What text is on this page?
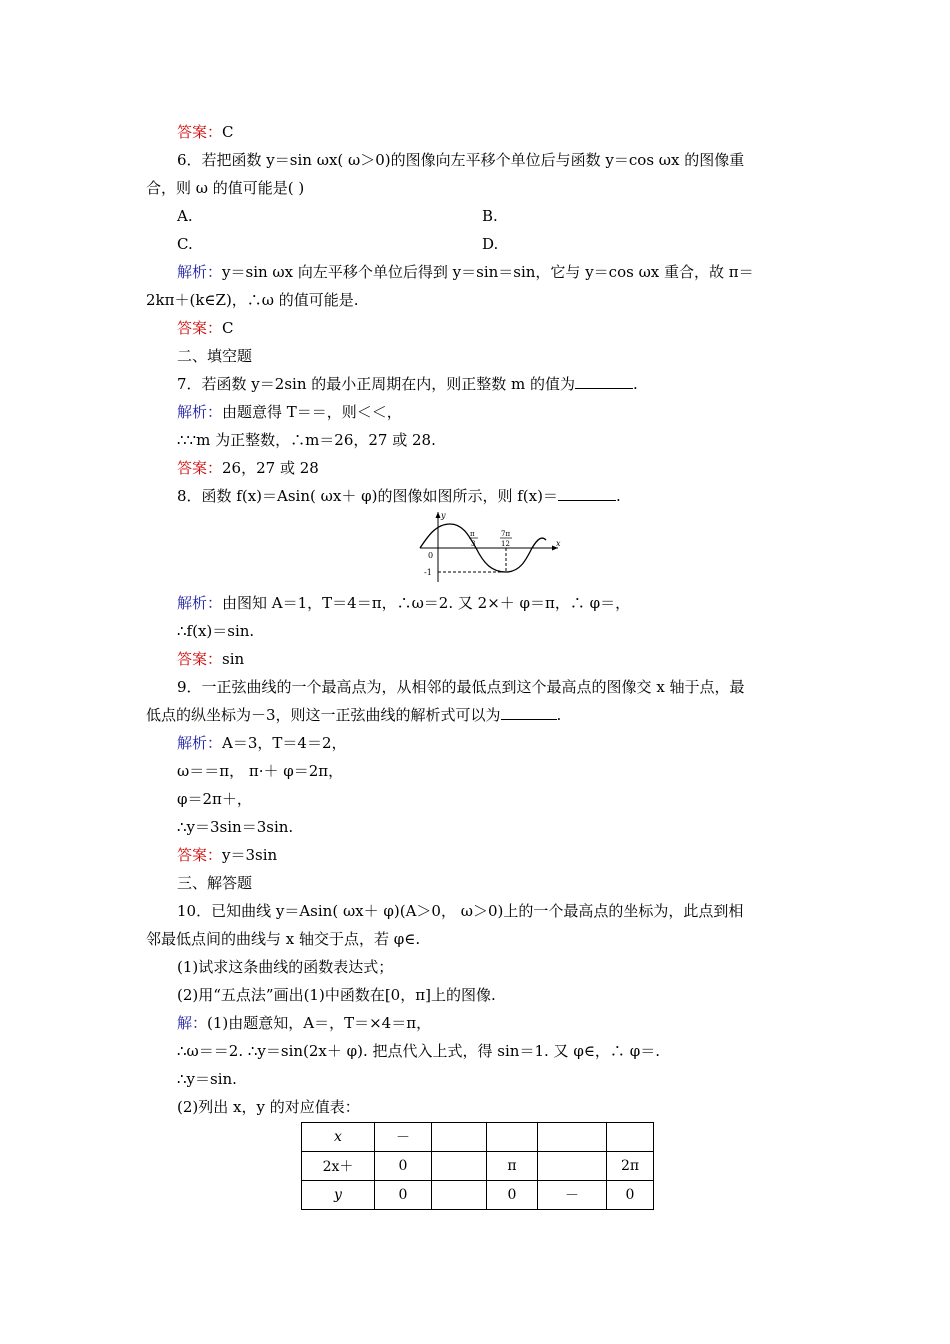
答案：C
6．若把函数 y＝sin ωx( ω＞0)的图像向左平移个单位后与函数 y＝cos ωx 的图像重
合，则 ω 的值可能是( )
A.	B.
C.	D.
解析：y＝sin ωx 向左平移个单位后得到 y＝sin＝sin，它与 y＝cos ωx 重合，故 π＝
2kπ＋(k∈Z)，∴ω 的值可能是.
答案：C
二、填空题
7．若函数 y＝2sin 的最小正周期在内，则正整数 m 的值为	.
解析：由题意得 T＝＝，则＜＜，
∴∵m 为正整数，∴m＝26，27 或 28.
答案：26，27 或 28
8．函数 f(x)＝Asin( ωx＋ φ)的图像如图所示，则 f(x)＝	.
y
x
0
-1
π
3
7π
12
解析：由图知 A＝1，T＝4＝π，∴ω＝2. 又 2×＋ φ＝π，∴ φ＝，
∴f(x)＝sin.
答案：sin
9．一正弦曲线的一个最高点为，从相邻的最低点到这个最高点的图像交 x 轴于点，最
低点的纵坐标为－3，则这一正弦曲线的解析式可以为	.
解析：A＝3，T＝4＝2，
ω＝＝π， π·＋ φ＝2π，
φ＝2π＋，
∴y＝3sin＝3sin.
答案：y＝3sin
三、解答题
10．已知曲线 y＝Asin( ωx＋ φ)(A＞0， ω＞0)上的一个最高点的坐标为，此点到相
邻最低点间的曲线与 x 轴交于点，若 φ∈.
(1)试求这条曲线的函数表达式；
(2)用“五点法”画出(1)中函数在[0，π]上的图像.
解：(1)由题意知，A＝，T＝×4＝π，
∴ω＝＝2. ∴y＝sin(2x＋ φ). 把点代入上式，得 sin＝1. 又 φ∈，∴ φ＝.
∴y＝sin.
(2)列出 x，y 的对应值表：
x	－				
2x＋	0		π		2π
y	0		0	－	0
